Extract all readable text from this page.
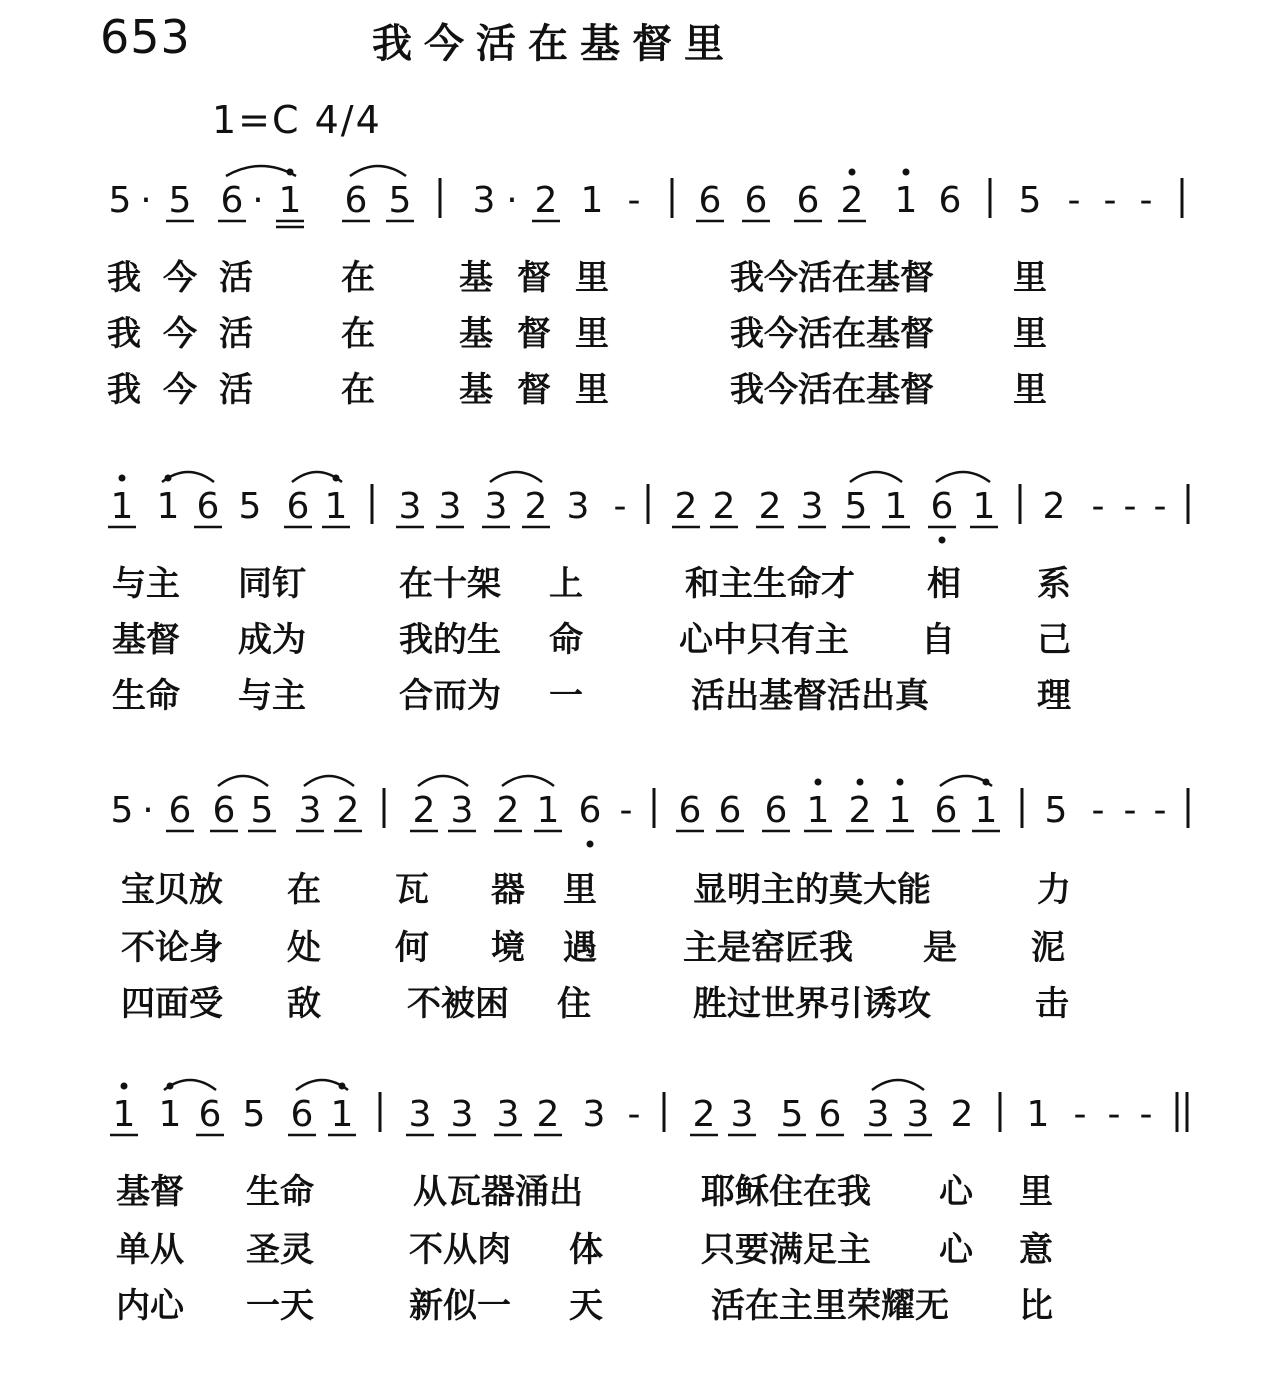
653	我今活在基督里
1=C 4/4
5 · 5 6 · 1 6 5 3 · 2 1 - 6 6 6 2 1 6 5 - - -
我 今 活	在 基 督 里	我今活在基督 里
我 今 活	在 基 督 里	我今活在基督 里
我 今 活	在 基 督 里	我今活在基督 里
1 1 6 5 6 1 3 3 3 2 3 - 2 2 2 3 5 1 6 1 2 - - -
与主 同钉	在十架 上	和主生命才 相 系
基督 成为	我的生 命	心中只有主 自 己
生命 与主	合而为 一	活出基督活出真	理
5 · 6 6 5 3 2 2 3 2 1 6 - 6 6 6 1 2 1 6 1 5 - - -
宝贝放 在 瓦 器 里	显明主的莫大能	力
不论身 处 何 境 遇	主是窑匠我 是 泥
四面受 敌	不被困 住	胜过世界引诱攻	击
1 1 6 5 6 1 3 3 3 2 3 - 2 3 5 6 3 3 2 1 - - -
基督 生命	从瓦器涌出	耶稣住在我 心 里
单从 圣灵	不从肉 体	只要满足主 心 意
内心 一天	新似一 天	活在主里荣耀无 比
